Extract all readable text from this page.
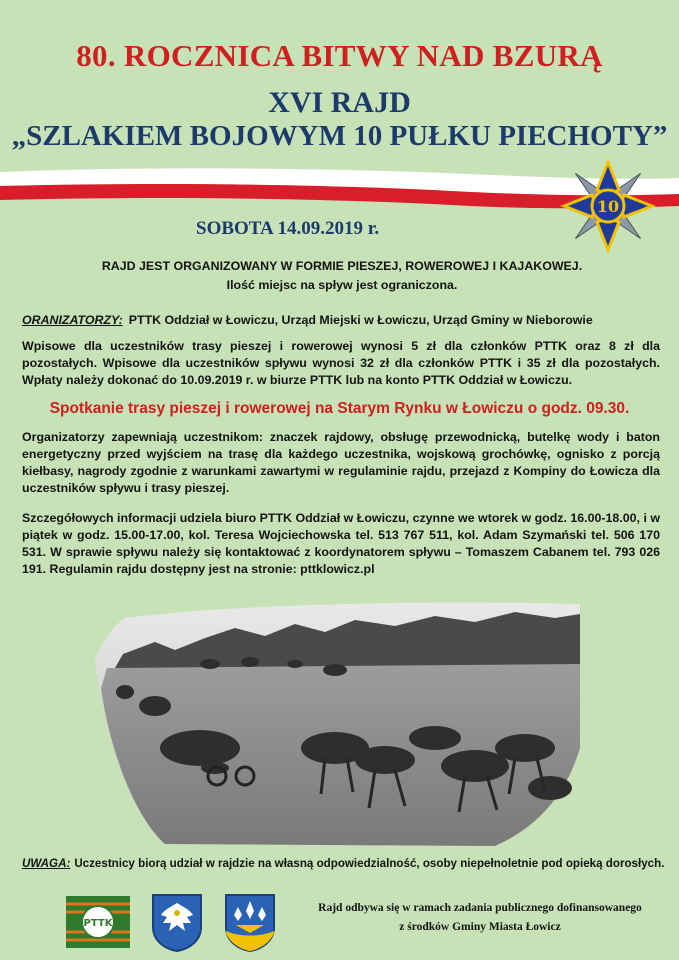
80. ROCZNICA BITWY NAD BZURĄ
XVI RAJD
„SZLAKIEM BOJOWYM 10 PUŁKU PIECHOTY”
10
SOBOTA 14.09.2019 r.
RAJD JEST ORGANIZOWANY W FORMIE PIESZEJ, ROWEROWEJ I KAJAKOWEJ.
Ilość miejsc na spływ jest ograniczona.
ORANIZATORZY: PTTK Oddział w Łowiczu, Urząd Miejski w Łowiczu, Urząd Gminy w Nieborowie
Wpisowe dla uczestników trasy pieszej i rowerowej wynosi 5 zł dla członków PTTK oraz 8 zł dla pozostałych. Wpisowe dla uczestników spływu wynosi 32 zł dla członków PTTK i 35 zł dla pozostałych. Wpłaty należy dokonać do 10.09.2019 r. w biurze PTTK lub na konto PTTK Oddział w Łowiczu.
Spotkanie trasy pieszej i rowerowej na Starym Rynku w Łowiczu o godz. 09.30.
Organizatorzy zapewniają uczestnikom: znaczek rajdowy, obsługę przewodnicką, butelkę wody i baton energetyczny przed wyjściem na trasę dla każdego uczestnika, wojskową grochówkę, ognisko z porcją kiełbasy, nagrody zgodnie z warunkami zawartymi w regulaminie rajdu, przejazd z Kompiny do Łowicza dla uczestników spływu i trasy pieszej.
Szczegółowych informacji udziela biuro PTTK Oddział w Łowiczu, czynne we wtorek w godz. 16.00-18.00, i w piątek w godz. 15.00-17.00, kol. Teresa Wojciechowska tel. 513 767 511, kol. Adam Szymański tel. 506 170 531. W sprawie spływu należy się kontaktować z koordynatorem spływu – Tomaszem Cabanem tel. 793 026 191. Regulamin rajdu dostępny jest na stronie: pttklowicz.pl
UWAGA: Uczestnicy biorą udział w rajdzie na własną odpowiedzialność, osoby niepełnoletnie pod opieką dorosłych.
PTTK
Rajd odbywa się w ramach zadania publicznego dofinansowanego
z środków Gminy Miasta Łowicz
